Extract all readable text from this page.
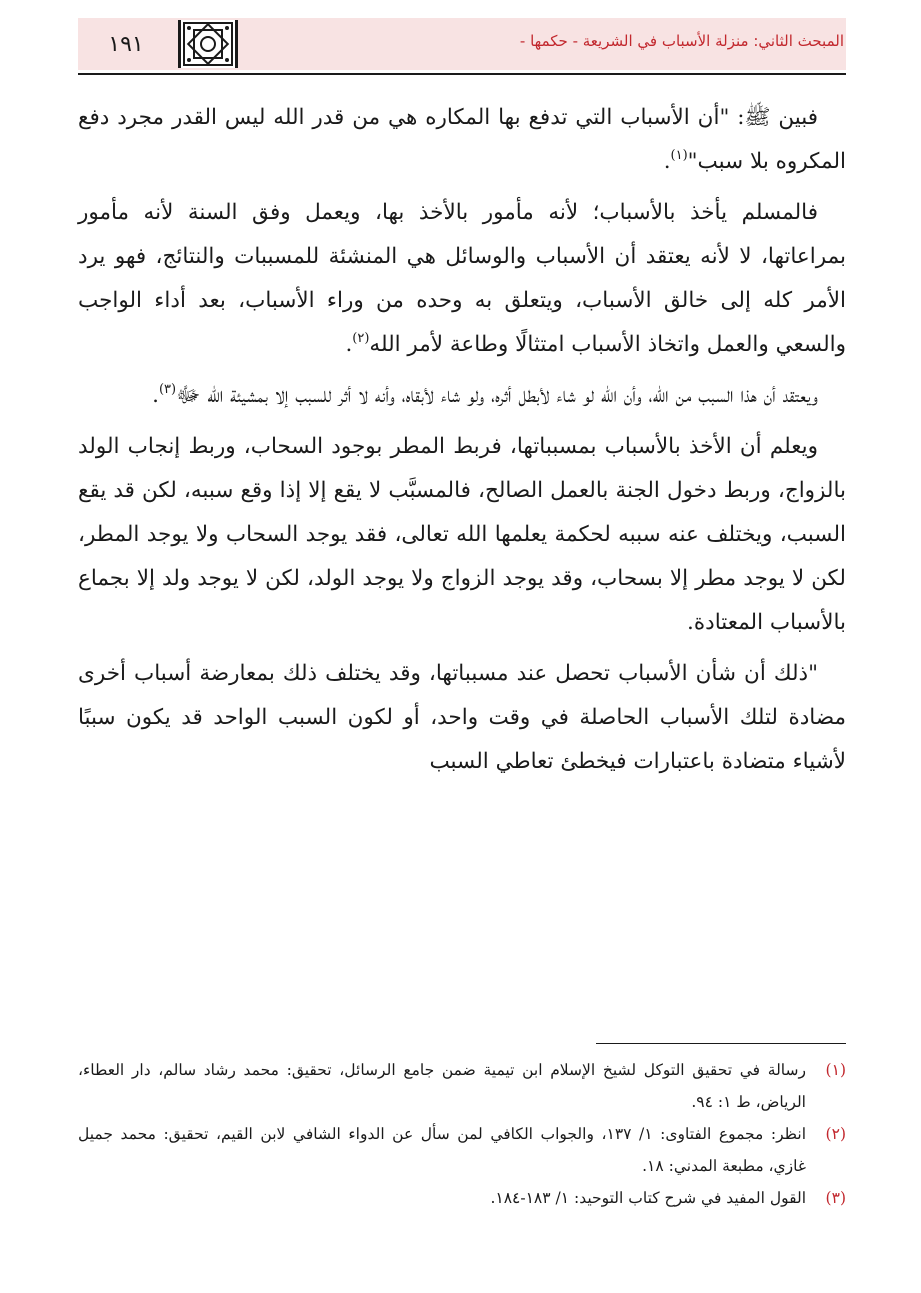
١٩١	المبحث الثاني: منزلة الأسباب في الشريعة - حكمها -

فبين ﷺ: "أن الأسباب التي تدفع بها المكاره هي من قدر الله ليس القدر مجرد دفع المكروه بلا سبب"$^{(١)}$.

فالمسلم يأخذ بالأسباب؛ لأنه مأمور بالأخذ بها، ويعمل وفق السنة لأنه مأمور بمراعاتها، لا لأنه يعتقد أن الأسباب والوسائل هي المنشئة للمسببات والنتائج، فهو يرد الأمر كله إلى خالق الأسباب، ويتعلق به وحده من وراء الأسباب، بعد أداء الواجب والسعي والعمل واتخاذ الأسباب امتثالًا وطاعة لأمر الله$^{(٢)}$.

ويعتقد أن هذا السبب من الله، وأن الله لو شاء لأبطل أثره، ولو شاء لأبقاه، وأنه لا أثر للسبب إلا بمشيئة الله ﷻ$^{(٣)}$.

ويعلم أن الأخذ بالأسباب بمسبباتها، فربط المطر بوجود السحاب، وربط إنجاب الولد بالزواج، وربط دخول الجنة بالعمل الصالح، فالمسبَّب لا يقع إلا إذا وقع سببه، لكن قد يقع السبب، ويختلف عنه سببه لحكمة يعلمها الله تعالى، فقد يوجد السحاب ولا يوجد المطر، لكن لا يوجد مطر إلا بسحاب، وقد يوجد الزواج ولا يوجد الولد، لكن لا يوجد ولد إلا بجماع بالأسباب المعتادة.

"ذلك أن شأن الأسباب تحصل عند مسبباتها، وقد يختلف ذلك بمعارضة أسباب أخرى مضادة لتلك الأسباب الحاصلة في وقت واحد، أو لكون السبب الواحد قد يكون سببًا لأشياء متضادة باعتبارات فيخطئ تعاطي السبب

(١)
رسالة في تحقيق التوكل لشيخ الإسلام ابن تيمية ضمن جامع الرسائل، تحقيق: محمد رشاد سالم، دار العطاء، الرياض، ط ١: ٩٤.
(٢)
انظر: مجموع الفتاوى: ١/ ١٣٧، والجواب الكافي لمن سأل عن الدواء الشافي لابن القيم، تحقيق: محمد جميل غازي، مطبعة المدني: ١٨.
(٣)
القول المفيد في شرح كتاب التوحيد: ١/ ١٨٣-١٨٤.
